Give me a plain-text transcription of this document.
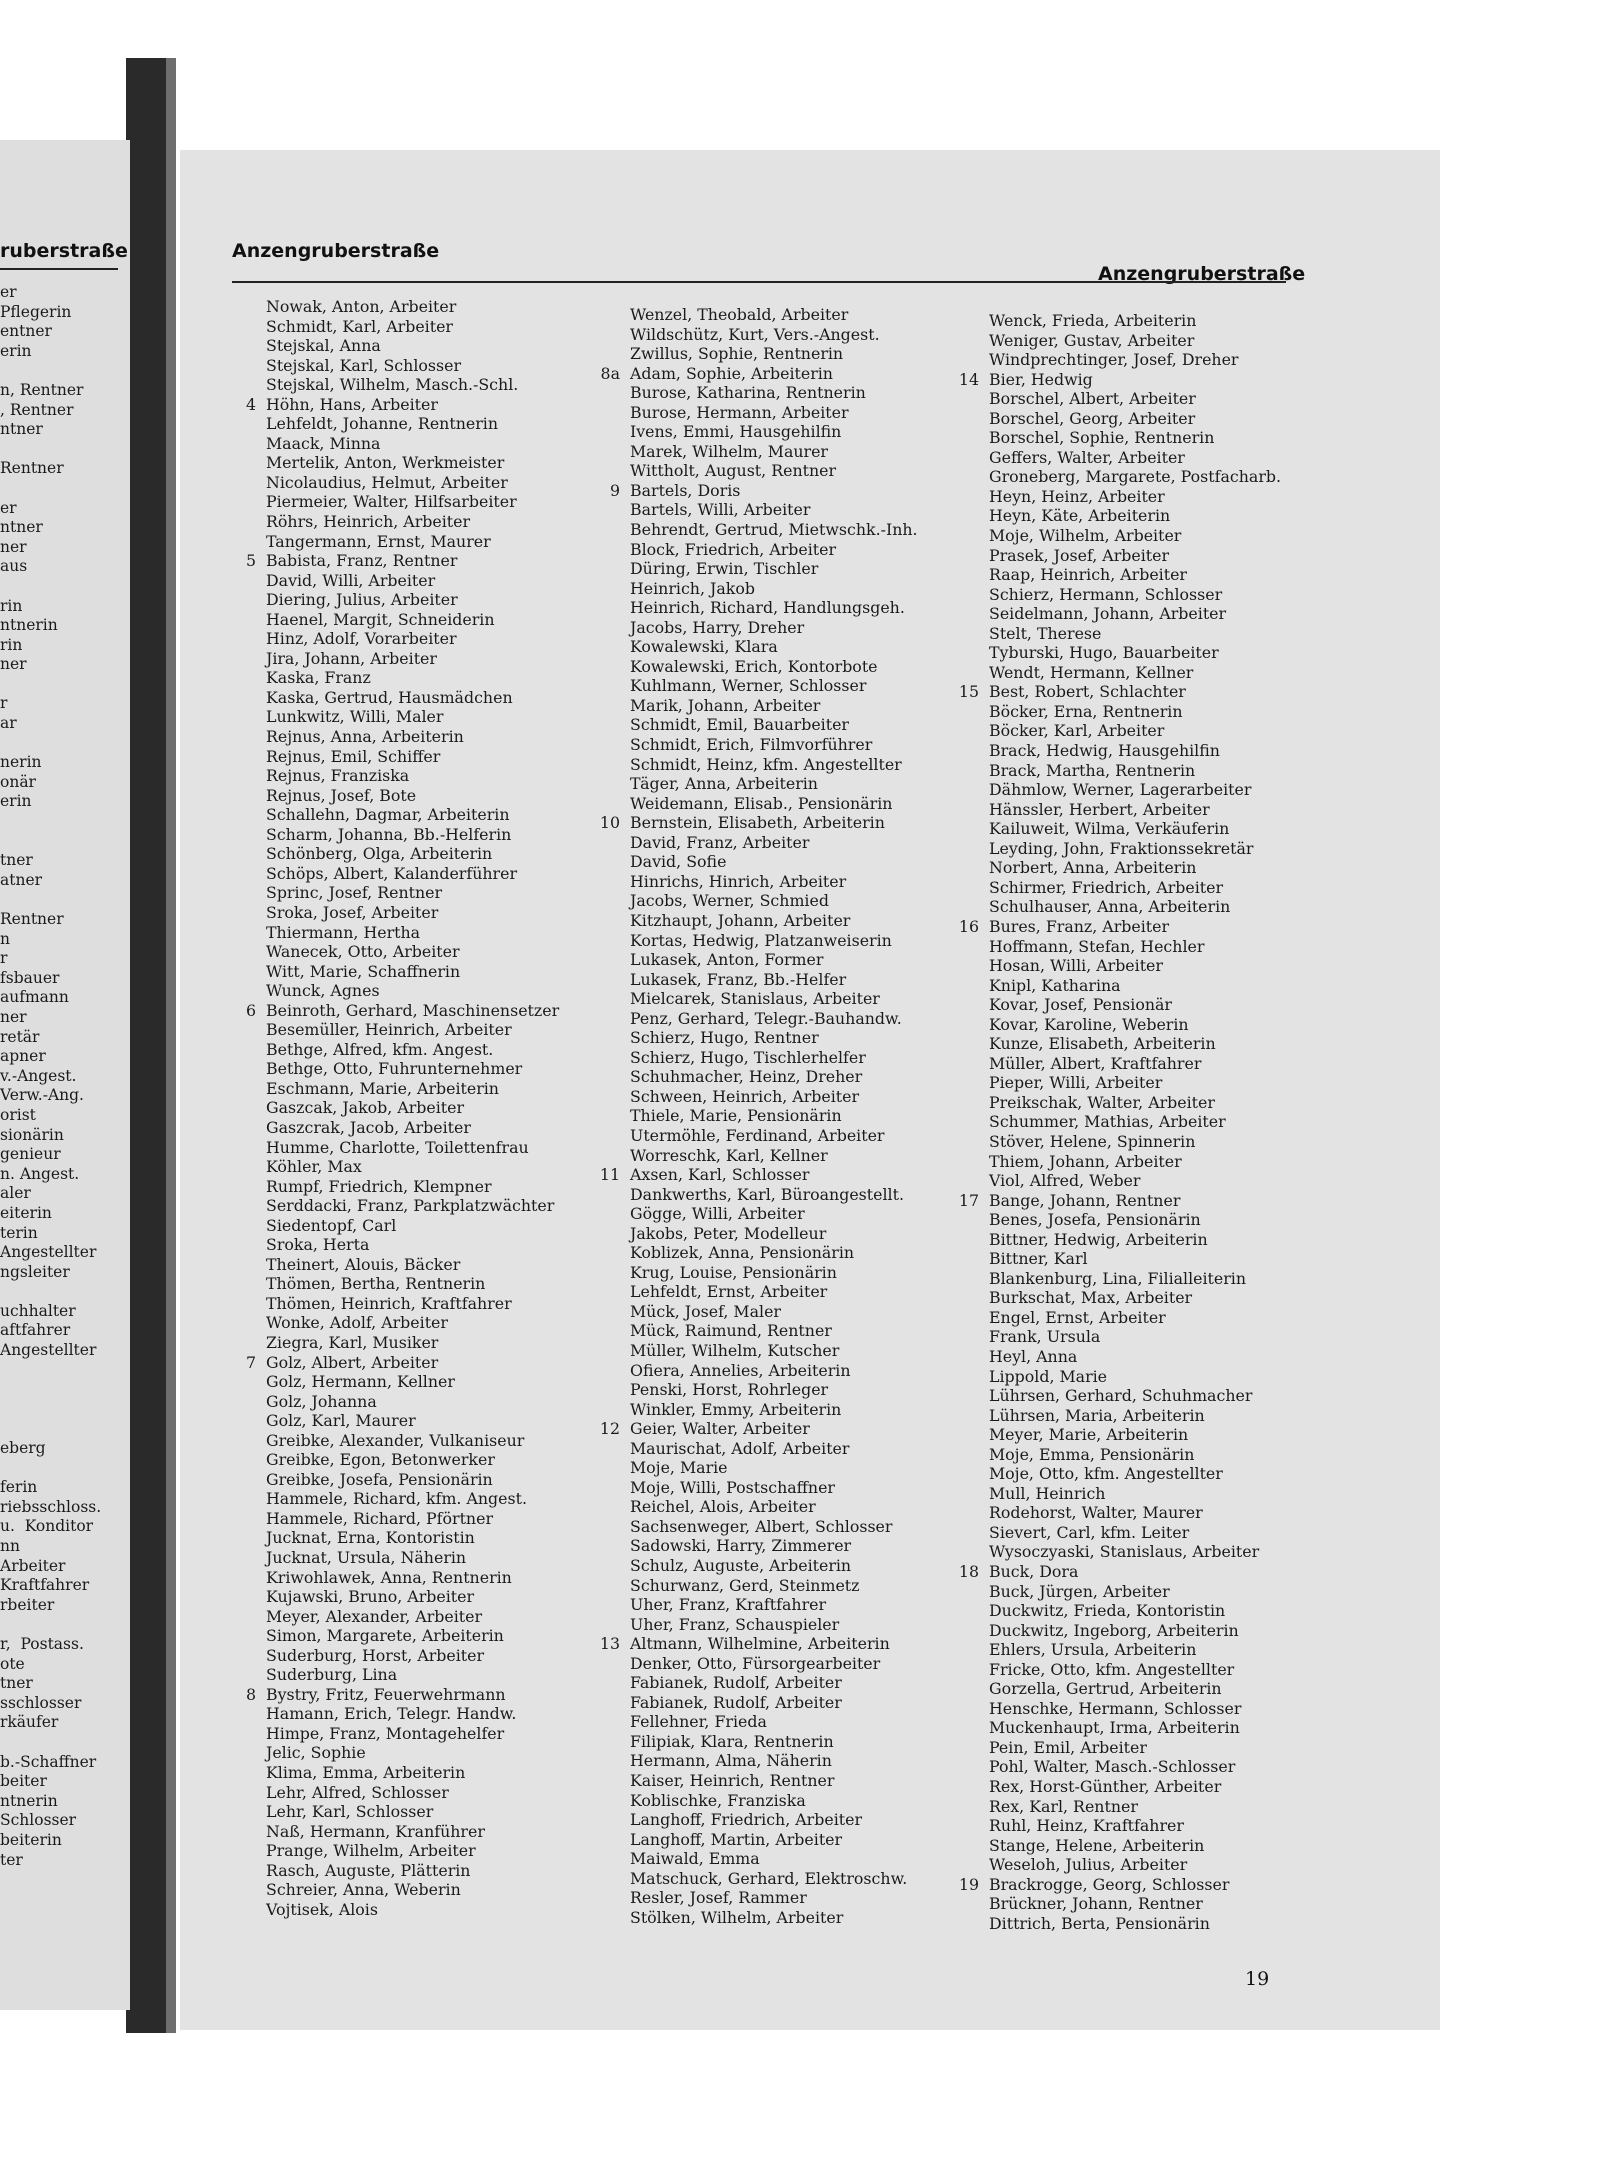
ruberstraße
er
Pflegerin
entner
erin
n, Rentner
, Rentner
ntner
Rentner
er
ntner
ner
aus
rin
ntnerin
rin
ner
r
ar
nerin
onär
erin
tner
atner
Rentner
n
r
fsbauer
aufmann
ner
retär
apner
v.-Angest.
Verw.-Ang.
orist
sionärin
genieur
n. Angest.
aler
eiterin
terin
Angestellter
ngsleiter
uchhalter
aftfahrer
Angestellter
eberg
ferin
riebsschloss.
u.  Konditor
nn
Arbeiter
Kraftfahrer
rbeiter
r,  Postass.
ote
tner
sschlosser
rkäufer
b.-Schaffner
beiter
ntnerin
Schlosser
beiterin
ter
Anzengruberstraße
Anzengruberstraße
Nowak, Anton, Arbeiter
Schmidt, Karl, Arbeiter
Stejskal, Anna
Stejskal, Karl, Schlosser
Stejskal, Wilhelm, Masch.-Schl.
4 Höhn, Hans, Arbeiter
Lehfeldt, Johanne, Rentnerin
Maack, Minna
Mertelik, Anton, Werkmeister
Nicolaudius, Helmut, Arbeiter
Piermeier, Walter, Hilfsarbeiter
Röhrs, Heinrich, Arbeiter
Tangermann, Ernst, Maurer
5 Babista, Franz, Rentner
David, Willi, Arbeiter
Diering, Julius, Arbeiter
Haenel, Margit, Schneiderin
Hinz, Adolf, Vorarbeiter
Jira, Johann, Arbeiter
Kaska, Franz
Kaska, Gertrud, Hausmädchen
Lunkwitz, Willi, Maler
Rejnus, Anna, Arbeiterin
Rejnus, Emil, Schiffer
Rejnus, Franziska
Rejnus, Josef, Bote
Schallehn, Dagmar, Arbeiterin
Scharm, Johanna, Bb.-Helferin
Schönberg, Olga, Arbeiterin
Schöps, Albert, Kalanderführer
Sprinc, Josef, Rentner
Sroka, Josef, Arbeiter
Thiermann, Hertha
Wanecek, Otto, Arbeiter
Witt, Marie, Schaffnerin
Wunck, Agnes
6 Beinroth, Gerhard, Maschinensetzer
Besemüller, Heinrich, Arbeiter
Bethge, Alfred, kfm. Angest.
Bethge, Otto, Fuhrunternehmer
Eschmann, Marie, Arbeiterin
Gaszcak, Jakob, Arbeiter
Gaszcrak, Jacob, Arbeiter
Humme, Charlotte, Toilettenfrau
Köhler, Max
Rumpf, Friedrich, Klempner
Serddacki, Franz, Parkplatzwächter
Siedentopf, Carl
Sroka, Herta
Theinert, Alouis, Bäcker
Thömen, Bertha, Rentnerin
Thömen, Heinrich, Kraftfahrer
Wonke, Adolf, Arbeiter
Ziegra, Karl, Musiker
7 Golz, Albert, Arbeiter
Golz, Hermann, Kellner
Golz, Johanna
Golz, Karl, Maurer
Greibke, Alexander, Vulkaniseur
Greibke, Egon, Betonwerker
Greibke, Josefa, Pensionärin
Hammele, Richard, kfm. Angest.
Hammele, Richard, Pförtner
Jucknat, Erna, Kontoristin
Jucknat, Ursula, Näherin
Kriwohlawek, Anna, Rentnerin
Kujawski, Bruno, Arbeiter
Meyer, Alexander, Arbeiter
Simon, Margarete, Arbeiterin
Suderburg, Horst, Arbeiter
Suderburg, Lina
8 Bystry, Fritz, Feuerwehrmann
Hamann, Erich, Telegr. Handw.
Himpe, Franz, Montagehelfer
Jelic, Sophie
Klima, Emma, Arbeiterin
Lehr, Alfred, Schlosser
Lehr, Karl, Schlosser
Naß, Hermann, Kranführer
Prange, Wilhelm, Arbeiter
Rasch, Auguste, Plätterin
Schreier, Anna, Weberin
Vojtisek, Alois
Wenzel, Theobald, Arbeiter
Wildschütz, Kurt, Vers.-Angest.
Zwillus, Sophie, Rentnerin
8a Adam, Sophie, Arbeiterin
Burose, Katharina, Rentnerin
Burose, Hermann, Arbeiter
Ivens, Emmi, Hausgehilfin
Marek, Wilhelm, Maurer
Wittholt, August, Rentner
9 Bartels, Doris
Bartels, Willi, Arbeiter
Behrendt, Gertrud, Mietwschk.-Inh.
Block, Friedrich, Arbeiter
Düring, Erwin, Tischler
Heinrich, Jakob
Heinrich, Richard, Handlungsgeh.
Jacobs, Harry, Dreher
Kowalewski, Klara
Kowalewski, Erich, Kontorbote
Kuhlmann, Werner, Schlosser
Marik, Johann, Arbeiter
Schmidt, Emil, Bauarbeiter
Schmidt, Erich, Filmvorführer
Schmidt, Heinz, kfm. Angestellter
Täger, Anna, Arbeiterin
Weidemann, Elisab., Pensionärin
10 Bernstein, Elisabeth, Arbeiterin
David, Franz, Arbeiter
David, Sofie
Hinrichs, Hinrich, Arbeiter
Jacobs, Werner, Schmied
Kitzhaupt, Johann, Arbeiter
Kortas, Hedwig, Platzanweiserin
Lukasek, Anton, Former
Lukasek, Franz, Bb.-Helfer
Mielcarek, Stanislaus, Arbeiter
Penz, Gerhard, Telegr.-Bauhandw.
Schierz, Hugo, Rentner
Schierz, Hugo, Tischlerhelfer
Schuhmacher, Heinz, Dreher
Schween, Heinrich, Arbeiter
Thiele, Marie, Pensionärin
Utermöhle, Ferdinand, Arbeiter
Worreschk, Karl, Kellner
11 Axsen, Karl, Schlosser
Dankwerths, Karl, Büroangestellt.
Gögge, Willi, Arbeiter
Jakobs, Peter, Modelleur
Koblizek, Anna, Pensionärin
Krug, Louise, Pensionärin
Lehfeldt, Ernst, Arbeiter
Mück, Josef, Maler
Mück, Raimund, Rentner
Müller, Wilhelm, Kutscher
Ofiera, Annelies, Arbeiterin
Penski, Horst, Rohrleger
Winkler, Emmy, Arbeiterin
12 Geier, Walter, Arbeiter
Maurischat, Adolf, Arbeiter
Moje, Marie
Moje, Willi, Postschaffner
Reichel, Alois, Arbeiter
Sachsenweger, Albert, Schlosser
Sadowski, Harry, Zimmerer
Schulz, Auguste, Arbeiterin
Schurwanz, Gerd, Steinmetz
Uher, Franz, Kraftfahrer
Uher, Franz, Schauspieler
13 Altmann, Wilhelmine, Arbeiterin
Denker, Otto, Fürsorgearbeiter
Fabianek, Rudolf, Arbeiter
Fabianek, Rudolf, Arbeiter
Fellehner, Frieda
Filipiak, Klara, Rentnerin
Hermann, Alma, Näherin
Kaiser, Heinrich, Rentner
Koblischke, Franziska
Langhoff, Friedrich, Arbeiter
Langhoff, Martin, Arbeiter
Maiwald, Emma
Matschuck, Gerhard, Elektroschw.
Resler, Josef, Rammer
Stölken, Wilhelm, Arbeiter
Wenck, Frieda, Arbeiterin
Weniger, Gustav, Arbeiter
Windprechtinger, Josef, Dreher
14 Bier, Hedwig
Borschel, Albert, Arbeiter
Borschel, Georg, Arbeiter
Borschel, Sophie, Rentnerin
Geffers, Walter, Arbeiter
Groneberg, Margarete, Postfacharb.
Heyn, Heinz, Arbeiter
Heyn, Käte, Arbeiterin
Moje, Wilhelm, Arbeiter
Prasek, Josef, Arbeiter
Raap, Heinrich, Arbeiter
Schierz, Hermann, Schlosser
Seidelmann, Johann, Arbeiter
Stelt, Therese
Tyburski, Hugo, Bauarbeiter
Wendt, Hermann, Kellner
15 Best, Robert, Schlachter
Böcker, Erna, Rentnerin
Böcker, Karl, Arbeiter
Brack, Hedwig, Hausgehilfin
Brack, Martha, Rentnerin
Dähmlow, Werner, Lagerarbeiter
Hänssler, Herbert, Arbeiter
Kailuweit, Wilma, Verkäuferin
Leyding, John, Fraktionssekretär
Norbert, Anna, Arbeiterin
Schirmer, Friedrich, Arbeiter
Schulhauser, Anna, Arbeiterin
16 Bures, Franz, Arbeiter
Hoffmann, Stefan, Hechler
Hosan, Willi, Arbeiter
Knipl, Katharina
Kovar, Josef, Pensionär
Kovar, Karoline, Weberin
Kunze, Elisabeth, Arbeiterin
Müller, Albert, Kraftfahrer
Pieper, Willi, Arbeiter
Preikschak, Walter, Arbeiter
Schummer, Mathias, Arbeiter
Stöver, Helene, Spinnerin
Thiem, Johann, Arbeiter
Viol, Alfred, Weber
17 Bange, Johann, Rentner
Benes, Josefa, Pensionärin
Bittner, Hedwig, Arbeiterin
Bittner, Karl
Blankenburg, Lina, Filialleiterin
Burkschat, Max, Arbeiter
Engel, Ernst, Arbeiter
Frank, Ursula
Heyl, Anna
Lippold, Marie
Lührsen, Gerhard, Schuhmacher
Lührsen, Maria, Arbeiterin
Meyer, Marie, Arbeiterin
Moje, Emma, Pensionärin
Moje, Otto, kfm. Angestellter
Mull, Heinrich
Rodehorst, Walter, Maurer
Sievert, Carl, kfm. Leiter
Wysoczyaski, Stanislaus, Arbeiter
18 Buck, Dora
Buck, Jürgen, Arbeiter
Duckwitz, Frieda, Kontoristin
Duckwitz, Ingeborg, Arbeiterin
Ehlers, Ursula, Arbeiterin
Fricke, Otto, kfm. Angestellter
Gorzella, Gertrud, Arbeiterin
Henschke, Hermann, Schlosser
Muckenhaupt, Irma, Arbeiterin
Pein, Emil, Arbeiter
Pohl, Walter, Masch.-Schlosser
Rex, Horst-Günther, Arbeiter
Rex, Karl, Rentner
Ruhl, Heinz, Kraftfahrer
Stange, Helene, Arbeiterin
Weseloh, Julius, Arbeiter
19 Brackrogge, Georg, Schlosser
Brückner, Johann, Rentner
Dittrich, Berta, Pensionärin
19
